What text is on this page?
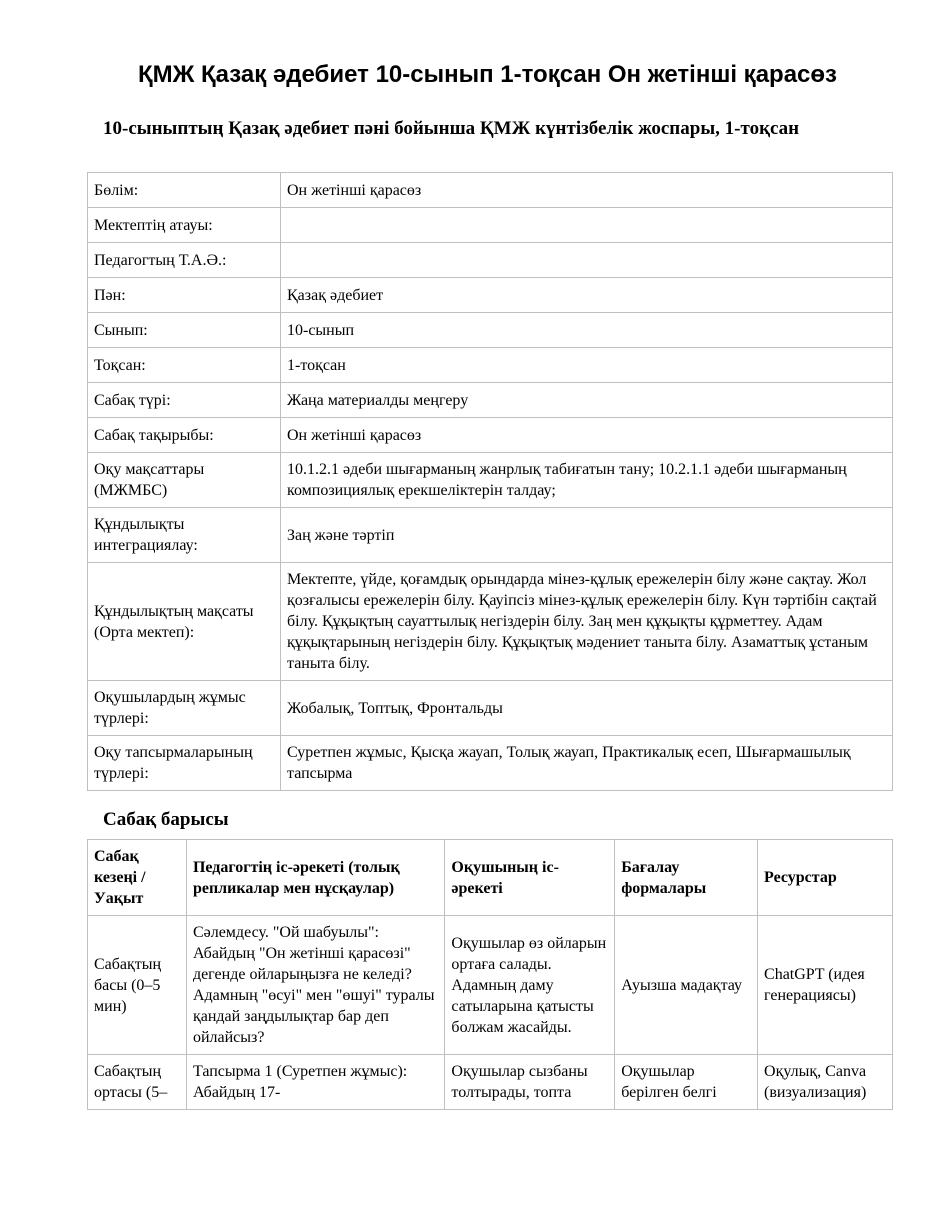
ҚМЖ Қазақ әдебиет 10-сынып 1-тоқсан Он жетінші қарасөз
10-сыныптың Қазақ әдебиет пәні бойынша ҚМЖ күнтізбелік жоспары, 1-тоқсан
Бөлім:	Он жетінші қарасөз
Мектептің атауы:	
Педагогтың Т.А.Ә.:	
Пән:	Қазақ әдебиет
Сынып:	10-сынып
Тоқсан:	1-тоқсан
Сабақ түрі:	Жаңа материалды меңгеру
Сабақ тақырыбы:	Он жетінші қарасөз
Оқу мақсаттары (МЖМБС)	10.1.2.1 әдеби шығарманың жанрлық табиғатын тану; 10.2.1.1 әдеби шығарманың композициялық ерекшеліктерін талдау;
Құндылықты интеграциялау:	Заң және тәртіп
Құндылықтың мақсаты (Орта мектеп):	Мектепте, үйде, қоғамдық орындарда мінез-құлық ережелерін білу және сақтау. Жол қозғалысы ережелерін білу. Қауіпсіз мінез-құлық ережелерін білу. Күн тәртібін сақтай білу. Құқықтың сауаттылық негіздерін білу. Заң мен құқықты құрметтеу. Адам құқықтарының негіздерін білу. Құқықтық мәдениет таныта білу. Азаматтық ұстаным таныта білу.
Оқушылардың жұмыс түрлері:	Жобалық, Топтық, Фронтальды
Оқу тапсырмаларының түрлері:	Суретпен жұмыс, Қысқа жауап, Толық жауап, Практикалық есеп, Шығармашылық тапсырма
Сабақ барысы
Сабақ кезеңі / Уақыт	Педагогтің іс-әрекеті (толық репликалар мен нұсқаулар)	Оқушының іс-әрекеті	Бағалау формалары	Ресурстар
Сабақтың басы (0–5 мин)	Сәлемдесу. "Ой шабуылы": Абайдың "Он жетінші қарасөзі" дегенде ойларыңызға не келеді? Адамның "өсуі" мен "өшуі" туралы қандай заңдылықтар бар деп ойлайсыз?	Оқушылар өз ойларын ортаға салады. Адамның даму сатыларына қатысты болжам жасайды.	Ауызша мадақтау	ChatGPT (идея генерациясы)
Сабақтың ортасы (5–	Тапсырма 1 (Суретпен жұмыс): Абайдың 17-	Оқушылар сызбаны толтырады, топта	Оқушылар берілген белгі	Оқулық, Canva (визуализация)
